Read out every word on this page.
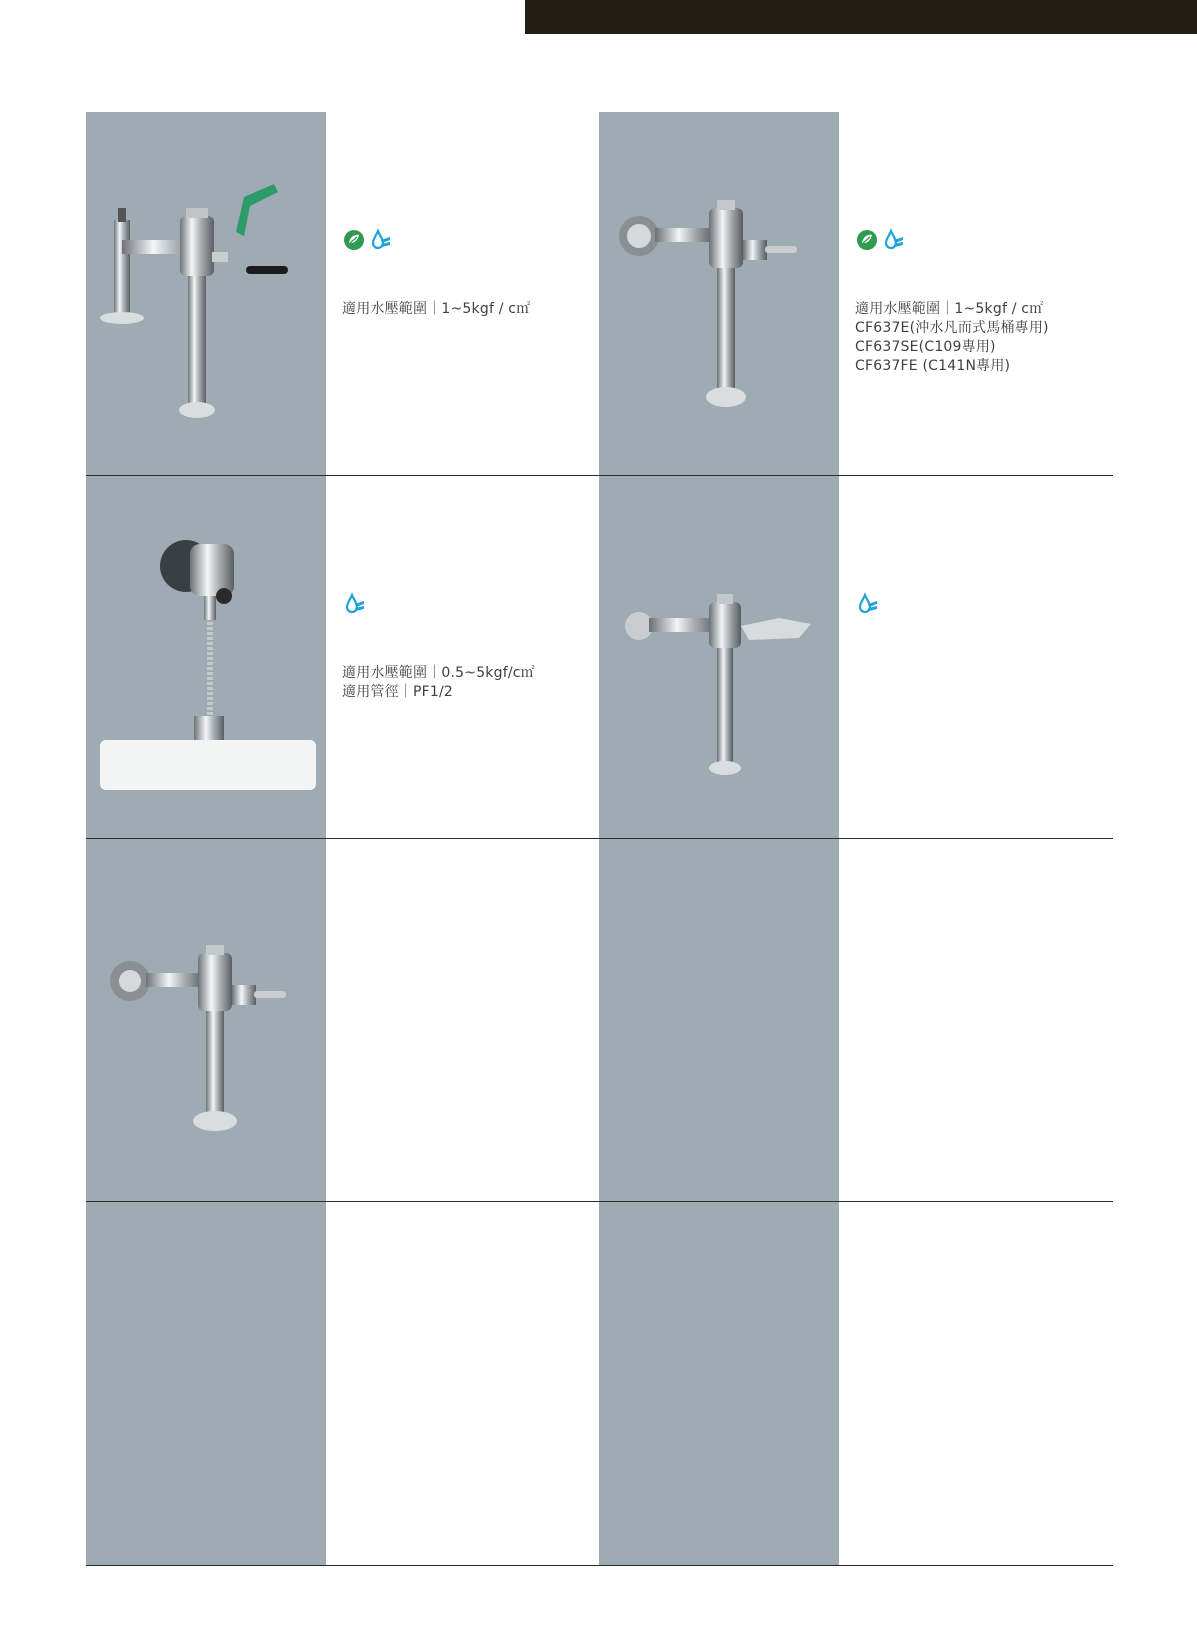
適用水壓範圍｜1~5kgf / c㎡	適用水壓範圍｜1~5kgf / c㎡
CF637E(沖水凡而式馬桶專用)
CF637SE(C109專用)
CF637FE (C141N專用)
適用水壓範圍｜0.5~5kgf/c㎡
適用管徑｜PF1/2
